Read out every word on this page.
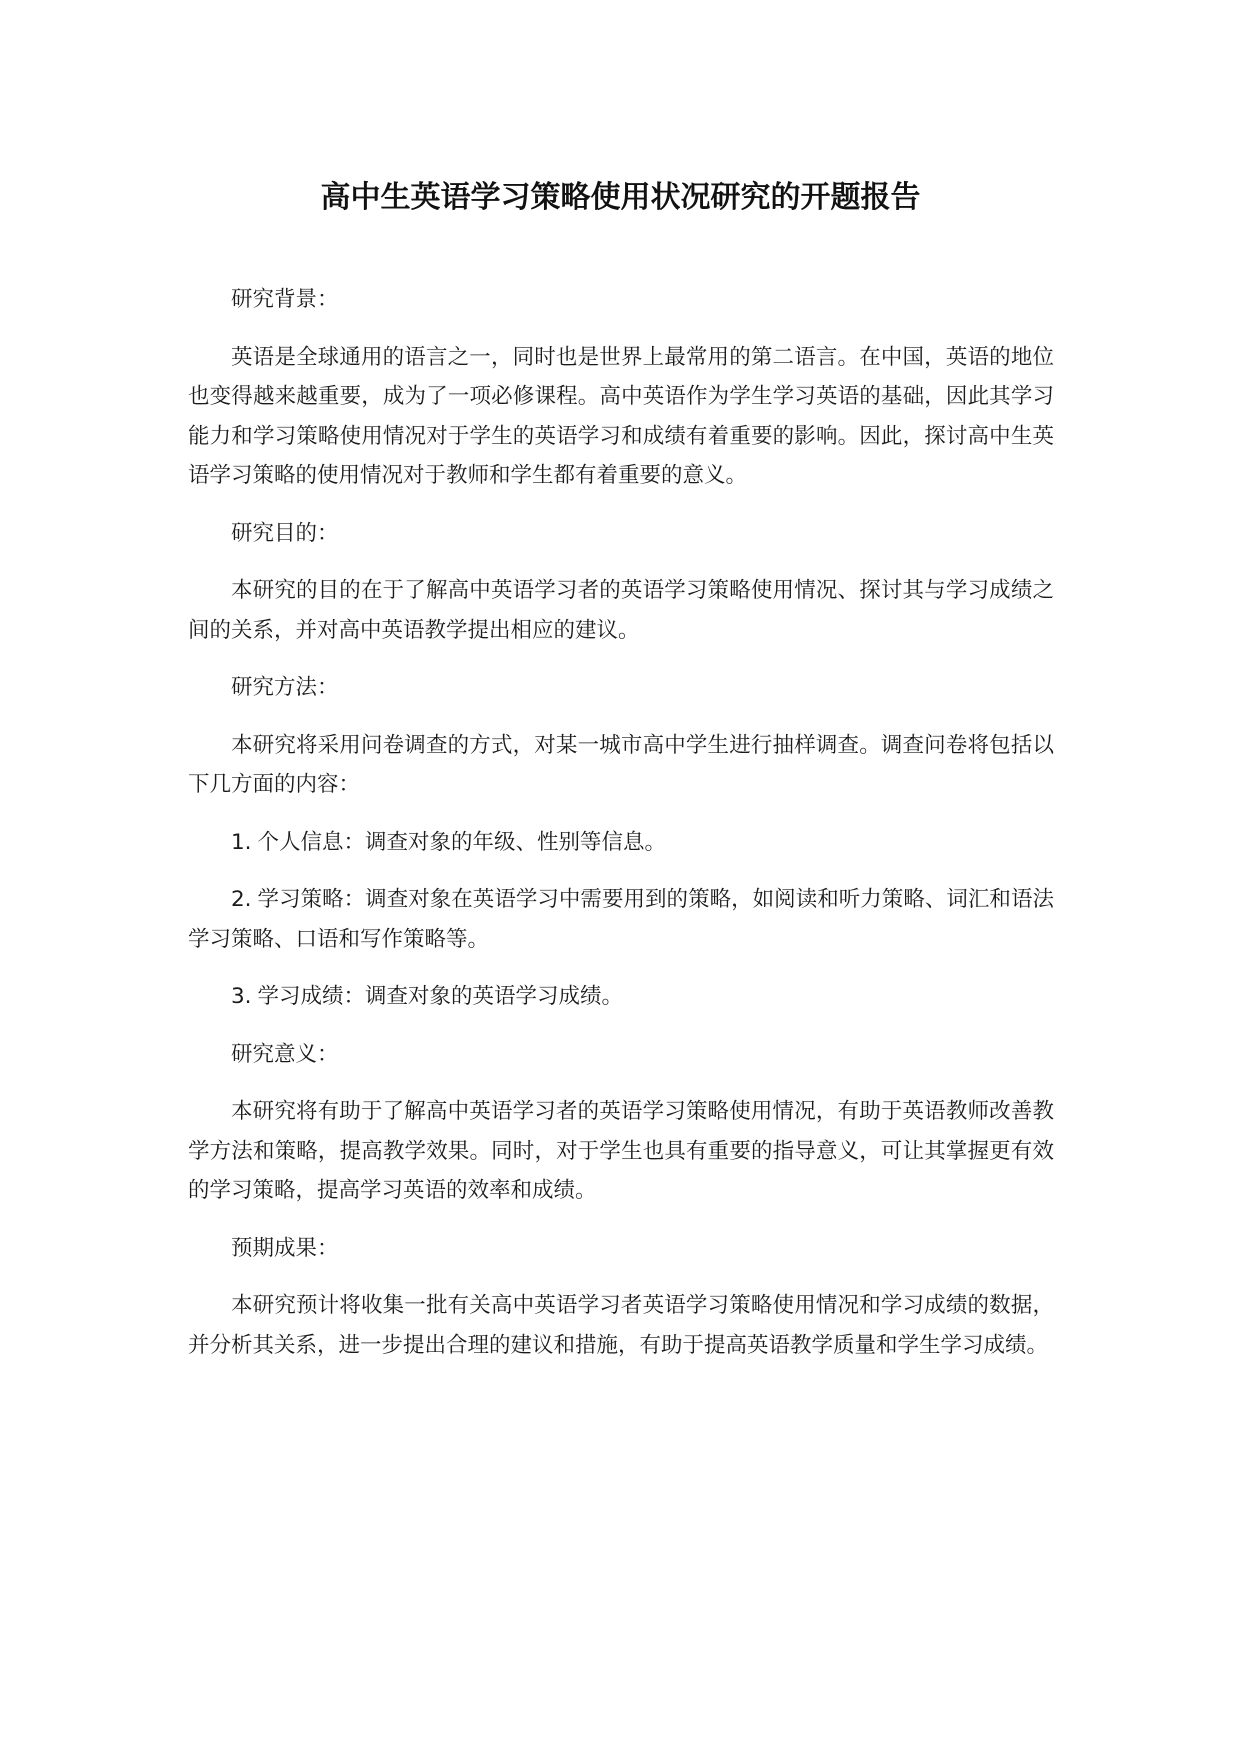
高中生英语学习策略使用状况研究的开题报告

研究背景：

英语是全球通用的语言之一，同时也是世界上最常用的第二语言。在中国，英语的地位也变得越来越重要，成为了一项必修课程。高中英语作为学生学习英语的基础，因此其学习能力和学习策略使用情况对于学生的英语学习和成绩有着重要的影响。因此，探讨高中生英语学习策略的使用情况对于教师和学生都有着重要的意义。

研究目的：

本研究的目的在于了解高中英语学习者的英语学习策略使用情况、探讨其与学习成绩之间的关系，并对高中英语教学提出相应的建议。

研究方法：

本研究将采用问卷调查的方式，对某一城市高中学生进行抽样调查。调查问卷将包括以下几方面的内容：

1. 个人信息：调查对象的年级、性别等信息。

2. 学习策略：调查对象在英语学习中需要用到的策略，如阅读和听力策略、词汇和语法学习策略、口语和写作策略等。

3. 学习成绩：调查对象的英语学习成绩。

研究意义：

本研究将有助于了解高中英语学习者的英语学习策略使用情况，有助于英语教师改善教学方法和策略，提高教学效果。同时，对于学生也具有重要的指导意义，可让其掌握更有效的学习策略，提高学习英语的效率和成绩。

预期成果：

本研究预计将收集一批有关高中英语学习者英语学习策略使用情况和学习成绩的数据，并分析其关系，进一步提出合理的建议和措施，有助于提高英语教学质量和学生学习成绩。
